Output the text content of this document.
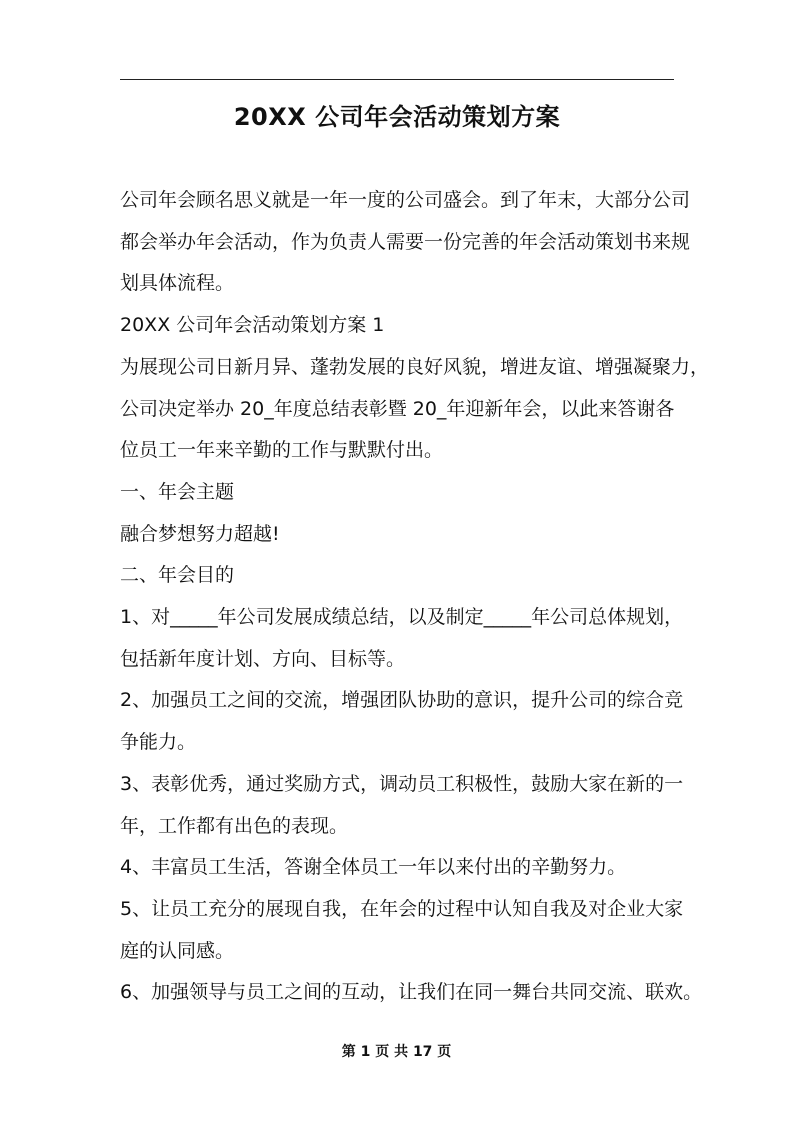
20XX 公司年会活动策划方案

公司年会顾名思义就是一年一度的公司盛会。到了年末，大部分公司

都会举办年会活动，作为负责人需要一份完善的年会活动策划书来规

划具体流程。

20XX 公司年会活动策划方案 1

为展现公司日新月异、蓬勃发展的良好风貌，增进友谊、增强凝聚力，

公司决定举办 20_年度总结表彰暨 20_年迎新年会，以此来答谢各

位员工一年来辛勤的工作与默默付出。

一、年会主题

融合梦想努力超越!

二、年会目的

1、对_____年公司发展成绩总结，以及制定_____年公司总体规划，

包括新年度计划、方向、目标等。

2、加强员工之间的交流，增强团队协助的意识，提升公司的综合竞

争能力。

3、表彰优秀，通过奖励方式，调动员工积极性，鼓励大家在新的一

年，工作都有出色的表现。

4、丰富员工生活，答谢全体员工一年以来付出的辛勤努力。

5、让员工充分的展现自我，在年会的过程中认知自我及对企业大家

庭的认同感。

6、加强领导与员工之间的互动，让我们在同一舞台共同交流、联欢。

第 1 页 共 17 页
